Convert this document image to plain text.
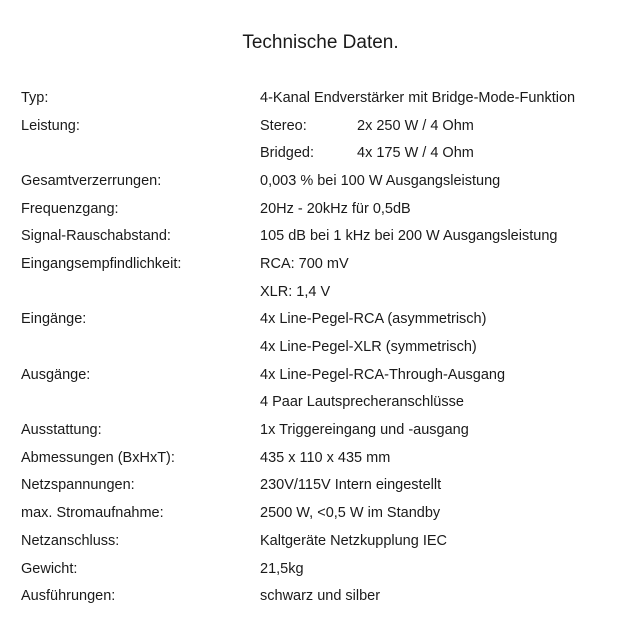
Technische Daten.
Typ:	4-Kanal Endverstärker mit Bridge-Mode-Funktion
Leistung:	Stereo:	2x 250 W / 4 Ohm
Bridged:	4x 175 W / 4 Ohm
Gesamtverzerrungen:	0,003 % bei 100 W Ausgangsleistung
Frequenzgang:	20Hz - 20kHz für 0,5dB
Signal-Rauschabstand:	105 dB bei 1 kHz bei 200 W Ausgangsleistung
Eingangsempfindlichkeit:	RCA: 700 mV
XLR: 1,4 V
Eingänge:	4x Line-Pegel-RCA (asymmetrisch)
4x Line-Pegel-XLR (symmetrisch)
Ausgänge:	4x Line-Pegel-RCA-Through-Ausgang
4 Paar Lautsprecheranschlüsse
Ausstattung:	1x Triggereingang und -ausgang
Abmessungen (BxHxT):	435 x 110 x 435 mm
Netzspannungen:	230V/115V Intern eingestellt
max. Stromaufnahme:	2500 W, <0,5 W im Standby
Netzanschluss:	Kaltgeräte Netzkupplung IEC
Gewicht:	21,5kg
Ausführungen:	schwarz und silber
